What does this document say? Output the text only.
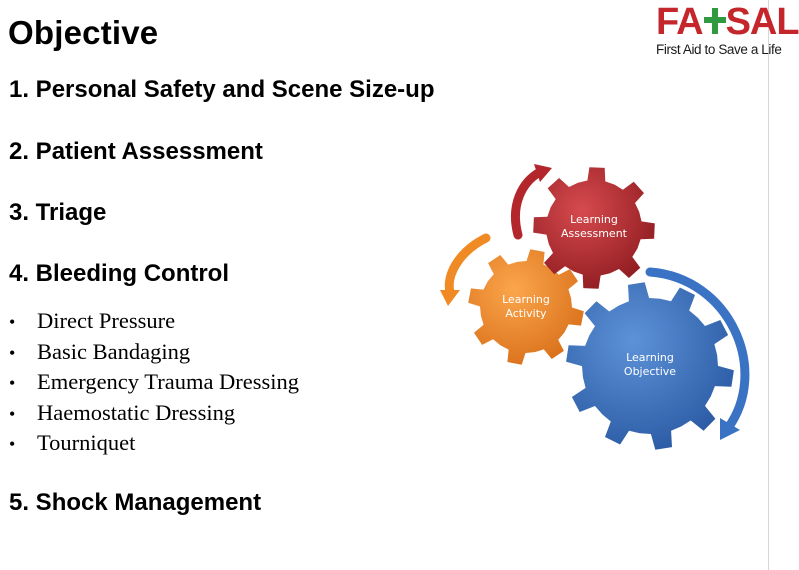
Objective	FA SAL
First Aid to Save a Life
1. Personal Safety and Scene Size-up
2. Patient Assessment
3. Triage
4. Bleeding Control
• Direct Pressure
• Basic Bandaging
• Emergency Trauma Dressing
• Haemostatic Dressing
• Tourniquet
5. Shock Management
Learning
Assessment
Learning
Activity
Learning
Objective
